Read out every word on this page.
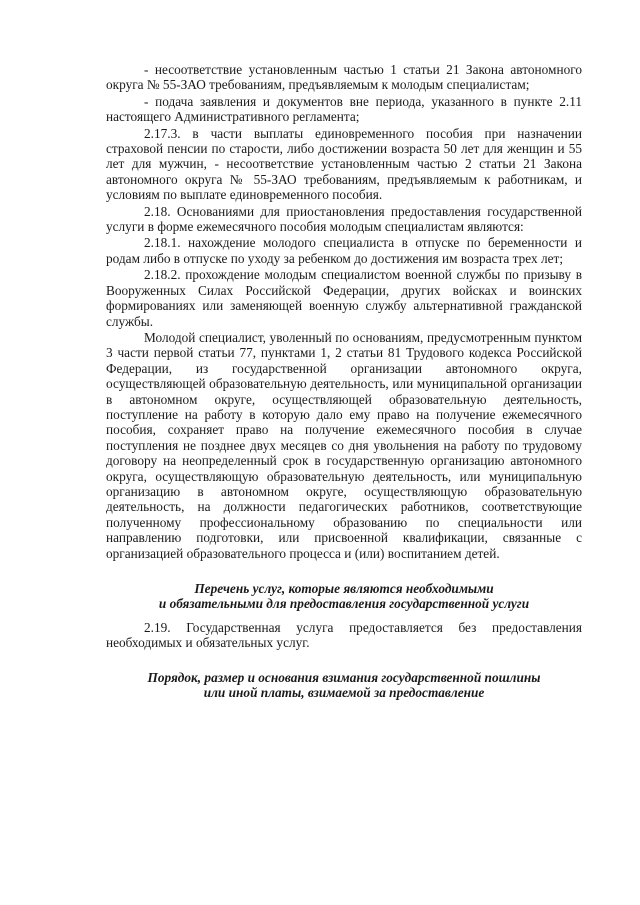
- несоответствие установленным частью 1 статьи 21 Закона автономного округа № 55-ЗАО требованиям, предъявляемым к молодым специалистам;

- подача заявления и документов вне периода, указанного в пункте 2.11 настоящего Административного регламента;

2.17.3. в части выплаты единовременного пособия при назначении страховой пенсии по старости, либо достижении возраста 50 лет для женщин и 55 лет для мужчин, - несоответствие установленным частью 2 статьи 21 Закона автономного округа № 55-ЗАО требованиям, предъявляемым к работникам, и условиям по выплате единовременного пособия.

2.18. Основаниями для приостановления предоставления государственной услуги в форме ежемесячного пособия молодым специалистам являются:

2.18.1. нахождение молодого специалиста в отпуске по беременности и родам либо в отпуске по уходу за ребенком до достижения им возраста трех лет;

2.18.2. прохождение молодым специалистом военной службы по призыву в Вооруженных Силах Российской Федерации, других войсках и воинских формированиях или заменяющей военную службу альтернативной гражданской службы.

Молодой специалист, уволенный по основаниям, предусмотренным пунктом 3 части первой статьи 77, пунктами 1, 2 статьи 81 Трудового кодекса Российской Федерации, из государственной организации автономного округа, осуществляющей образовательную деятельность, или муниципальной организации в автономном округе, осуществляющей образовательную деятельность, поступление на работу в которую дало ему право на получение ежемесячного пособия, сохраняет право на получение ежемесячного пособия в случае поступления не позднее двух месяцев со дня увольнения на работу по трудовому договору на неопределенный срок в государственную организацию автономного округа, осуществляющую образовательную деятельность, или муниципальную организацию в автономном округе, осуществляющую образовательную деятельность, на должности педагогических работников, соответствующие полученному профессиональному образованию по специальности или направлению подготовки, или присвоенной квалификации, связанные с организацией образовательного процесса и (или) воспитанием детей.

Перечень услуг, которые являются необходимыми

и обязательными для предоставления государственной услуги

2.19. Государственная услуга предоставляется без предоставления необходимых и обязательных услуг.

Порядок, размер и основания взимания государственной пошлины

или иной платы, взимаемой за предоставление
